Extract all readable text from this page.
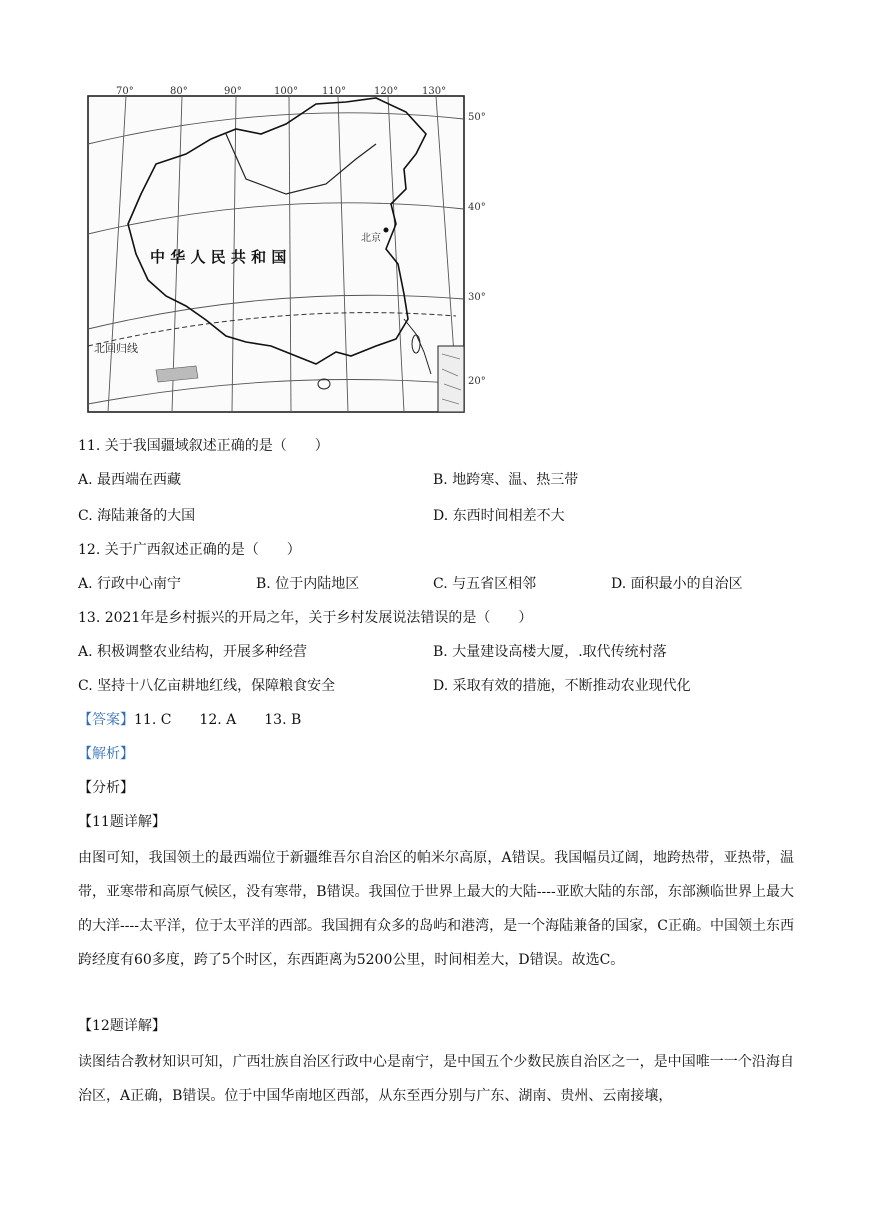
70°	80°	90°	100° 110°	120° 130°
50°
40°
30°
20°
中 华 人 民 共 和 国
北京
北回归线
11. 关于我国疆域叙述正确的是（　　）
A. 最西端在西藏	B. 地跨寒、温、热三带
C. 海陆兼备的大国	D. 东西时间相差不大
12. 关于广西叙述正确的是（　　）
A. 行政中心南宁	B. 位于内陆地区	C. 与五省区相邻	D. 面积最小的自治区
13. 2021年是乡村振兴的开局之年，关于乡村发展说法错误的是（　　）
A. 积极调整农业结构，开展多种经营	B. 大量建设高楼大厦，.取代传统村落
C. 坚持十八亿亩耕地红线，保障粮食安全	D. 采取有效的措施，不断推动农业现代化
【答案】11. C　　12. A　　13. B
【解析】
【分析】
【11题详解】
由图可知，我国领土的最西端位于新疆维吾尔自治区的帕米尔高原，A错误。我国幅员辽阔，地跨热带，亚热带，温带，亚寒带和高原气候区，没有寒带，B错误。我国位于世界上最大的大陆----亚欧大陆的东部，东部濒临世界上最大的大洋----太平洋，位于太平洋的西部。我国拥有众多的岛屿和港湾，是一个海陆兼备的国家，C正确。中国领土东西跨经度有60多度，跨了5个时区，东西距离为5200公里，时间相差大，D错误。故选C。
【12题详解】
读图结合教材知识可知，广西壮族自治区行政中心是南宁，是中国五个少数民族自治区之一，是中国唯一一个沿海自治区，A正确，B错误。位于中国华南地区西部，从东至西分别与广东、湖南、贵州、云南接壤，
